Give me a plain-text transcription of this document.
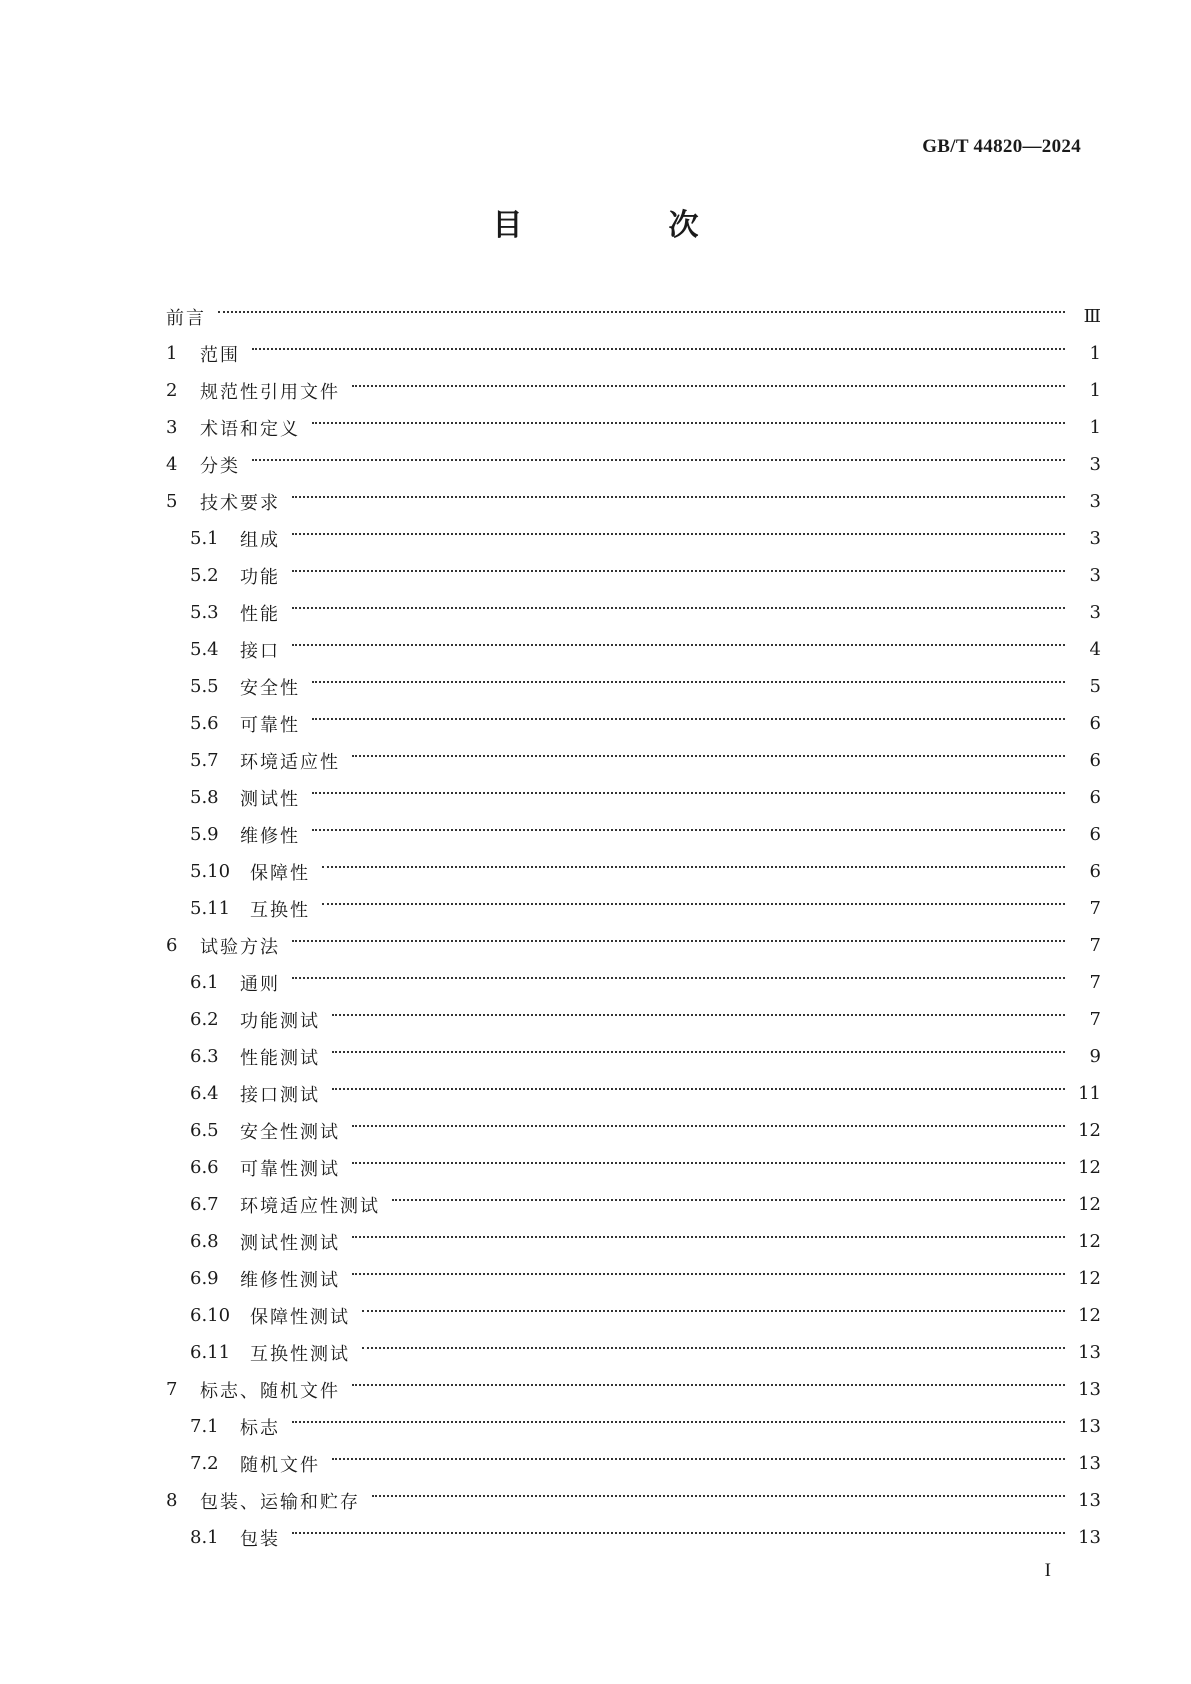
GB/T 44820—2024
目　次
前言	Ⅲ
1	范围	1
2	规范性引用文件	1
3	术语和定义	1
4	分类	3
5	技术要求	3
5.1	组成	3
5.2	功能	3
5.3	性能	3
5.4	接口	4
5.5	安全性	5
5.6	可靠性	6
5.7	环境适应性	6
5.8	测试性	6
5.9	维修性	6
5.10	保障性	6
5.11	互换性	7
6	试验方法	7
6.1	通则	7
6.2	功能测试	7
6.3	性能测试	9
6.4	接口测试	11
6.5	安全性测试	12
6.6	可靠性测试	12
6.7	环境适应性测试	12
6.8	测试性测试	12
6.9	维修性测试	12
6.10	保障性测试	12
6.11	互换性测试	13
7	标志、随机文件	13
7.1	标志	13
7.2	随机文件	13
8	包装、运输和贮存	13
8.1	包装	13
I
